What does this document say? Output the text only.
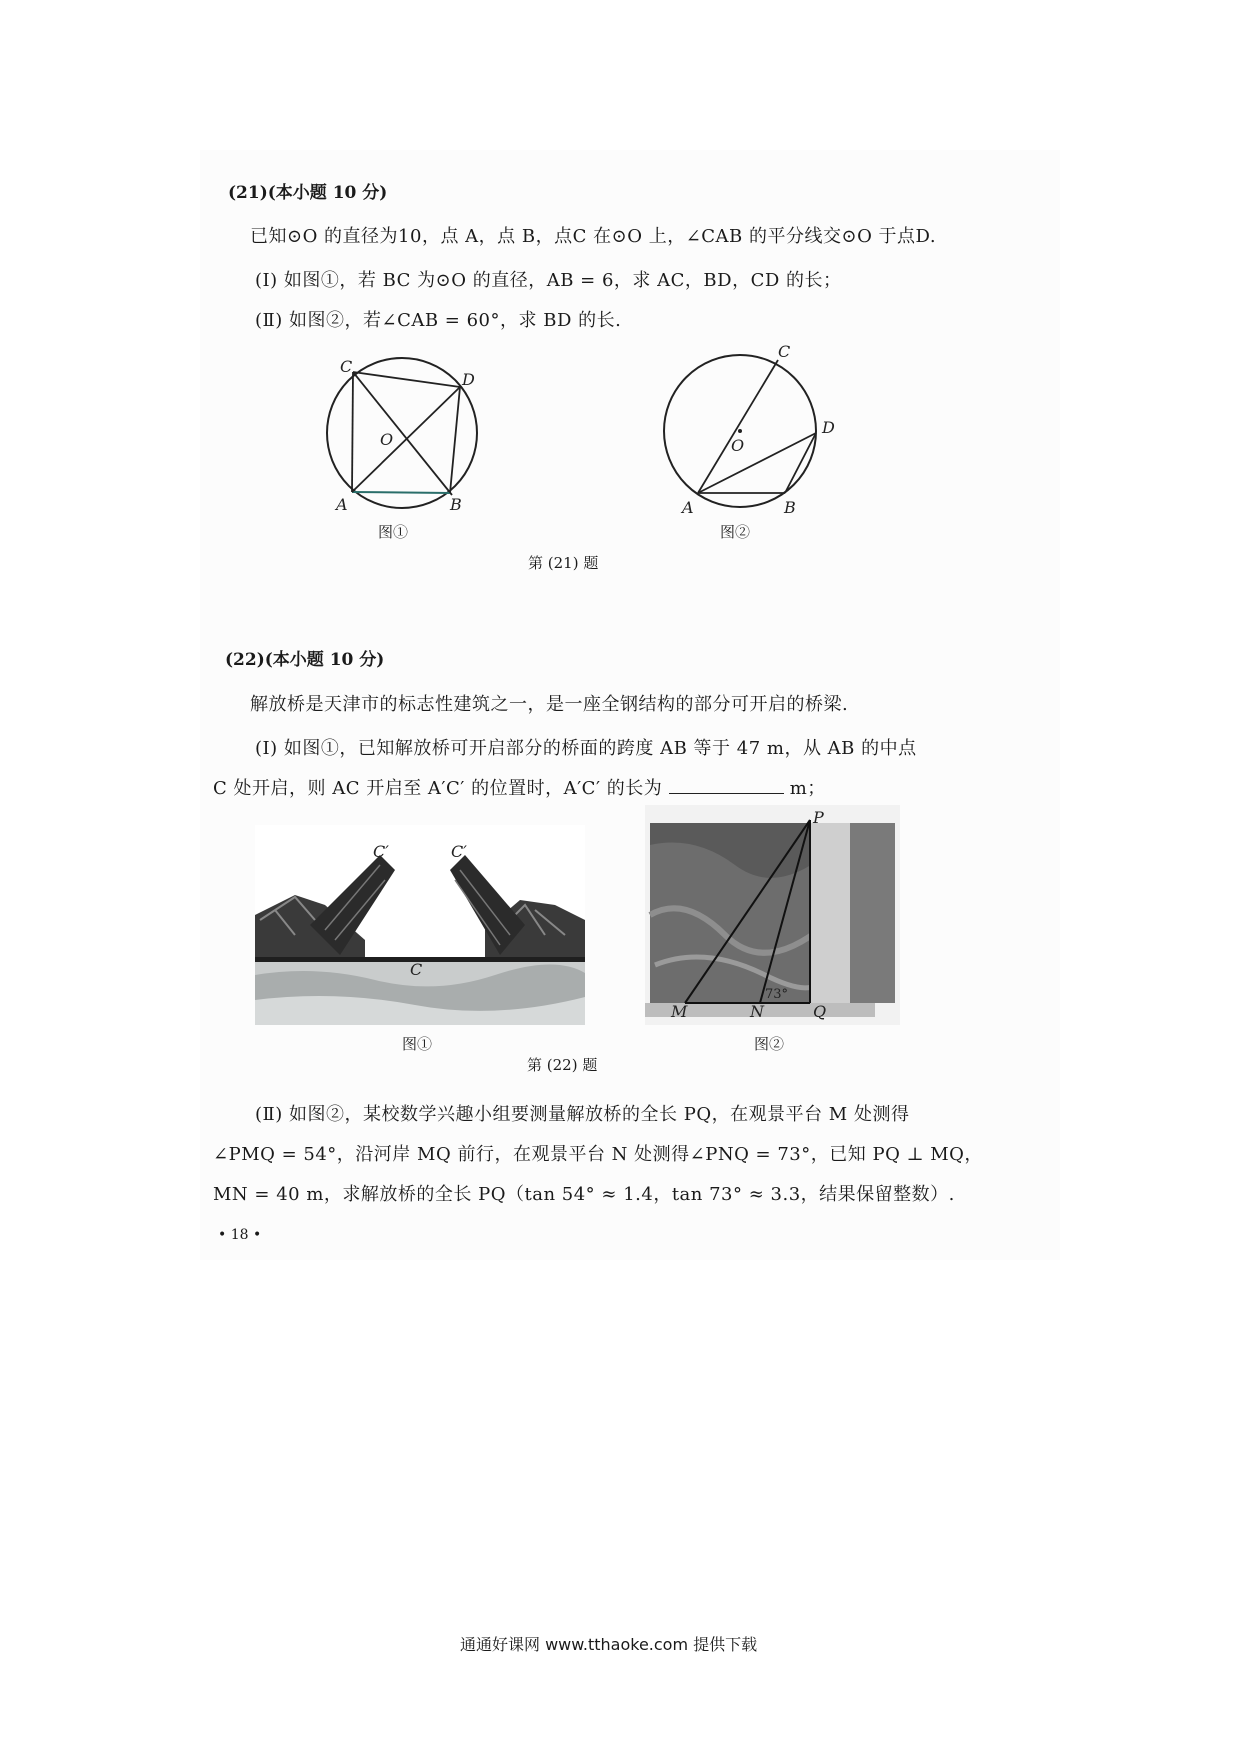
(21)(本小题 10 分)
已知⊙O 的直径为10，点 A，点 B，点C 在⊙O 上，∠CAB 的平分线交⊙O 于点D.
(Ⅰ) 如图①，若 BC 为⊙O 的直径，AB = 6，求 AC，BD，CD 的长；
(Ⅱ) 如图②，若∠CAB = 60°，求 BD 的长.
C
D
O
A	B
图①
C
D
O
A	B
图②
第 (21) 题
(22)(本小题 10 分)
解放桥是天津市的标志性建筑之一，是一座全钢结构的部分可开启的桥梁.
(Ⅰ) 如图①，已知解放桥可开启部分的桥面的跨度 AB 等于 47 m，从 AB 的中点
C 处开启，则 AC 开启至 A′C′ 的位置时，A′C′ 的长为	m；
C′	C′
C
图①
P
73°
M	N	Q
图②
第 (22) 题
(Ⅱ) 如图②，某校数学兴趣小组要测量解放桥的全长 PQ，在观景平台 M 处测得
∠PMQ = 54°，沿河岸 MQ 前行，在观景平台 N 处测得∠PNQ = 73°，已知 PQ ⊥ MQ，
MN = 40 m，求解放桥的全长 PQ（tan 54° ≈ 1.4，tan 73° ≈ 3.3，结果保留整数）.
• 18 •
通通好课网 www.tthaoke.com 提供下载
